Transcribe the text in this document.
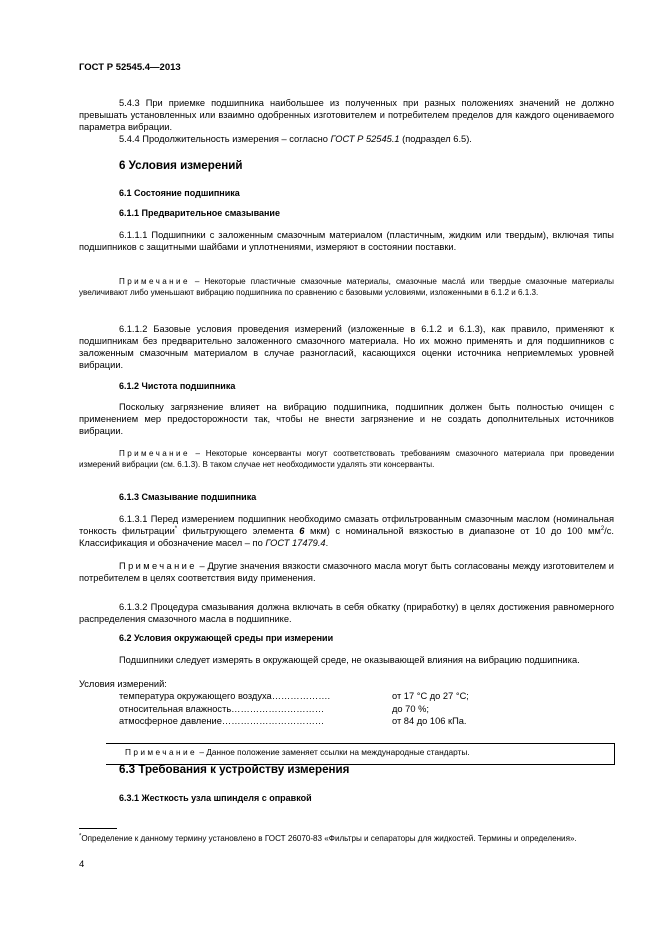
ГОСТ Р 52545.4—2013
5.4.3 При приемке подшипника наибольшее из полученных при разных положениях значений не должно превышать установленных или взаимно одобренных изготовителем и потребителем пределов для каждого оцениваемого параметра вибрации.
5.4.4 Продолжительность измерения – согласно ГОСТ Р 52545.1 (подраздел 6.5).
6 Условия измерений
6.1 Состояние подшипника
6.1.1 Предварительное смазывание
6.1.1.1 Подшипники с заложенным смазочным материалом (пластичным, жидким или твердым), включая типы подшипников с защитными шайбами и уплотнениями, измеряют в состоянии поставки.
Примечание – Некоторые пластичные смазочные материалы, смазочные масла́ или твердые смазочные материалы увеличивают либо уменьшают вибрацию подшипника по сравнению с базовыми условиями, изложенными в 6.1.2 и 6.1.3.
6.1.1.2 Базовые условия проведения измерений (изложенные в 6.1.2 и 6.1.3), как правило, применяют к подшипникам без предварительно заложенного смазочного материала. Но их можно применять и для подшипников с заложенным смазочным материалом в случае разногласий, касающихся оценки источника неприемлемых уровней вибрации.
6.1.2 Чистота подшипника
Поскольку загрязнение влияет на вибрацию подшипника, подшипник должен быть полностью очищен с применением мер предосторожности так, чтобы не внести загрязнение и не создать дополнительных источников вибрации.
Примечание – Некоторые консерванты могут соответствовать требованиям смазочного материала при проведении измерений вибрации (см. 6.1.3). В таком случае нет необходимости удалять эти консерванты.
6.1.3 Смазывание подшипника
6.1.3.1 Перед измерением подшипник необходимо смазать отфильтрованным смазочным маслом (номинальная тонкость фильтрации* фильтрующего элемента 6 мкм) с номинальной вязкостью в диапазоне от 10 до 100 $мм^2/с$. Классификация и обозначение масел – по ГОСТ 17479.4.
Примечание – Другие значения вязкости смазочного масла могут быть согласованы между изготовителем и потребителем в целях соответствия виду применения.
6.1.3.2 Процедура смазывания должна включать в себя обкатку (приработку) в целях достижения равномерного распределения смазочного масла в подшипнике.
6.2 Условия окружающей среды при измерении
Подшипники следует измерять в окружающей среде, не оказывающей влияния на вибрацию подшипника.
Условия измерений:
температура окружающего воздуха……………….
относительная влажность…………………………
атмосферное давление……………………………
от 17 °С до 27 °С;
до 70 %;
от 84 до 106 кПа.
Примечание – Данное положение заменяет ссылки на международные стандарты.
6.3 Требования к устройству измерения
6.3.1 Жесткость узла шпинделя с оправкой
*Определение к данному термину установлено в ГОСТ 26070-83 «Фильтры и сепараторы для жидкостей. Термины и определения».
4
